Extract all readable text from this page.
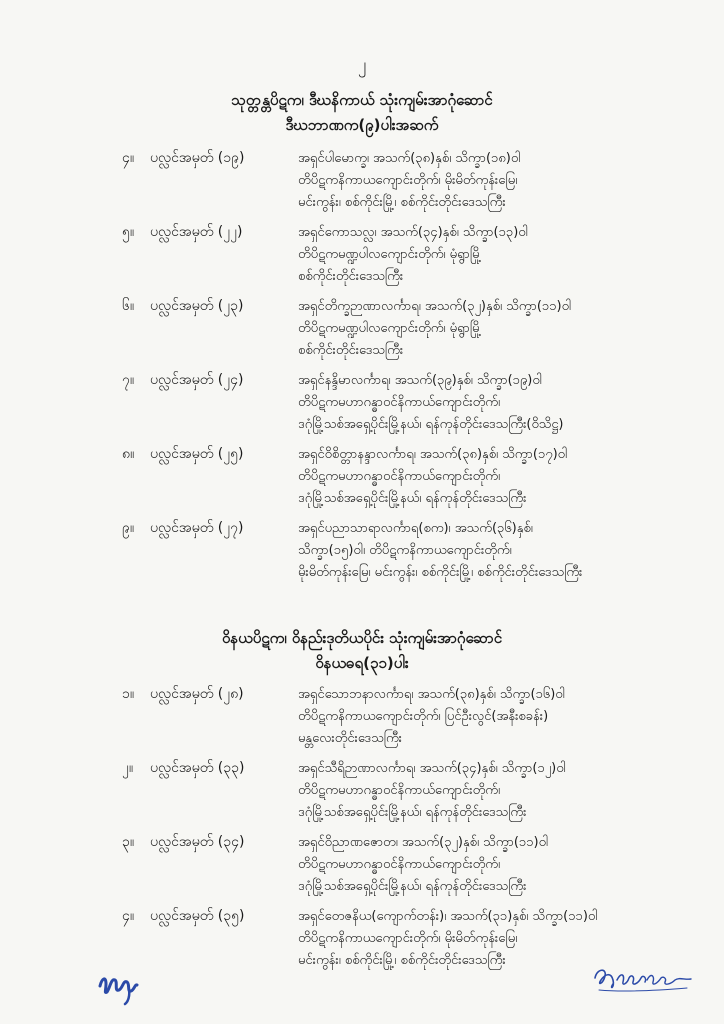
၂
သုတ္တန္တပိဋက၊ ဒီဃနိကာယ် သုံးကျမ်းအာဂုံဆောင်
ဒီဃဘာဏက(၉)ပါးအဆက်
၄။ ပလ္လင်အမှတ် (၁၉)	အရှင်ပါမောက္ခ၊ အသက်(၃၈)နှစ်၊ သိက္ခာ(၁၈)ဝါ
တိပိဋကနိကာယကျောင်းတိုက်၊ မိုးမိတ်ကုန်းမြေ၊
မင်းကွန်း၊ စစ်ကိုင်းမြို့၊ စစ်ကိုင်းတိုင်းဒေသကြီး
၅။ ပလ္လင်အမှတ် (၂၂)	အရှင်ကောသလ္လ၊ အသက်(၃၄)နှစ်၊ သိက္ခာ(၁၃)ဝါ
တိပိဋကမဏ္ဍပါလကျောင်းတိုက်၊ မုံရွာမြို့
စစ်ကိုင်းတိုင်းဒေသကြီး
၆။ ပလ္လင်အမှတ် (၂၃)	အရှင်တိက္ခဉာဏာလင်္ကာရ၊ အသက်(၃၂)နှစ်၊ သိက္ခာ(၁၁)ဝါ
တိပိဋကမဏ္ဍပါလကျောင်းတိုက်၊ မုံရွာမြို့
စစ်ကိုင်းတိုင်းဒေသကြီး
၇။ ပလ္လင်အမှတ် (၂၄)	အရှင်နန္ဒိမာလင်္ကာရ၊ အသက်(၃၉)နှစ်၊ သိက္ခာ(၁၉)ဝါ
တိပိဋကမဟာဂန္ဓာဝင်နိကာယ်ကျောင်းတိုက်၊
ဒဂုံမြို့သစ်အရှေ့ပိုင်းမြို့နယ်၊ ရန်ကုန်တိုင်းဒေသကြီး(ဝိသိဋ္ဌ)
၈။ ပလ္လင်အမှတ် (၂၅)	အရှင်ဝိစိတ္တာနန္ဒာလင်္ကာရ၊ အသက်(၃၈)နှစ်၊ သိက္ခာ(၁၇)ဝါ
တိပိဋကမဟာဂန္ဓာဝင်နိကာယ်ကျောင်းတိုက်၊
ဒဂုံမြို့သစ်အရှေ့ပိုင်းမြို့နယ်၊ ရန်ကုန်တိုင်းဒေသကြီး
၉။ ပလ္လင်အမှတ် (၂၇)	အရှင်ပညာသာရာလင်္ကာရ(စက)၊ အသက်(၃၆)နှစ်၊
သိက္ခာ(၁၅)ဝါ၊ တိပိဋကနိကာယကျောင်းတိုက်၊
မိုးမိတ်ကုန်းမြေ၊ မင်းကွန်း၊ စစ်ကိုင်းမြို့၊ စစ်ကိုင်းတိုင်းဒေသကြီး
ဝိနယပိဋက၊ ဝိနည်းဒုတိယပိုင်း သုံးကျမ်းအာဂုံဆောင်
ဝိနယဓရ(၃၁)ပါး
၁။ ပလ္လင်အမှတ် (၂၈)	အရှင်သောဘနာလင်္ကာရ၊ အသက်(၃၈)နှစ်၊ သိက္ခာ(၁၆)ဝါ
တိပိဋကနိကာယကျောင်းတိုက်၊ ပြင်ဦးလွင်(အနီးစခန်း)
မန္တလေးတိုင်းဒေသကြီး
၂။ ပလ္လင်အမှတ် (၃၃)	အရှင်သီရိဉာဏာလင်္ကာရ၊ အသက်(၃၄)နှစ်၊ သိက္ခာ(၁၂)ဝါ
တိပိဋကမဟာဂန္ဓာဝင်နိကာယ်ကျောင်းတိုက်၊
ဒဂုံမြို့သစ်အရှေ့ပိုင်းမြို့နယ်၊ ရန်ကုန်တိုင်းဒေသကြီး
၃။ ပလ္လင်အမှတ် (၃၄)	အရှင်ဝိညာဏဇောတ၊ အသက်(၃၂)နှစ်၊ သိက္ခာ(၁၁)ဝါ
တိပိဋကမဟာဂန္ဓာဝင်နိကာယ်ကျောင်းတိုက်၊
ဒဂုံမြို့သစ်အရှေ့ပိုင်းမြို့နယ်၊ ရန်ကုန်တိုင်းဒေသကြီး
၄။ ပလ္လင်အမှတ် (၃၅)	အရှင်တေဇနိယ(ကျောက်တန်း)၊ အသက်(၃၁)နှစ်၊ သိက္ခာ(၁၁)ဝါ
တိပိဋကနိကာယကျောင်းတိုက်၊ မိုးမိတ်ကုန်းမြေ၊
မင်းကွန်း၊ စစ်ကိုင်းမြို့၊ စစ်ကိုင်းတိုင်းဒေသကြီး
